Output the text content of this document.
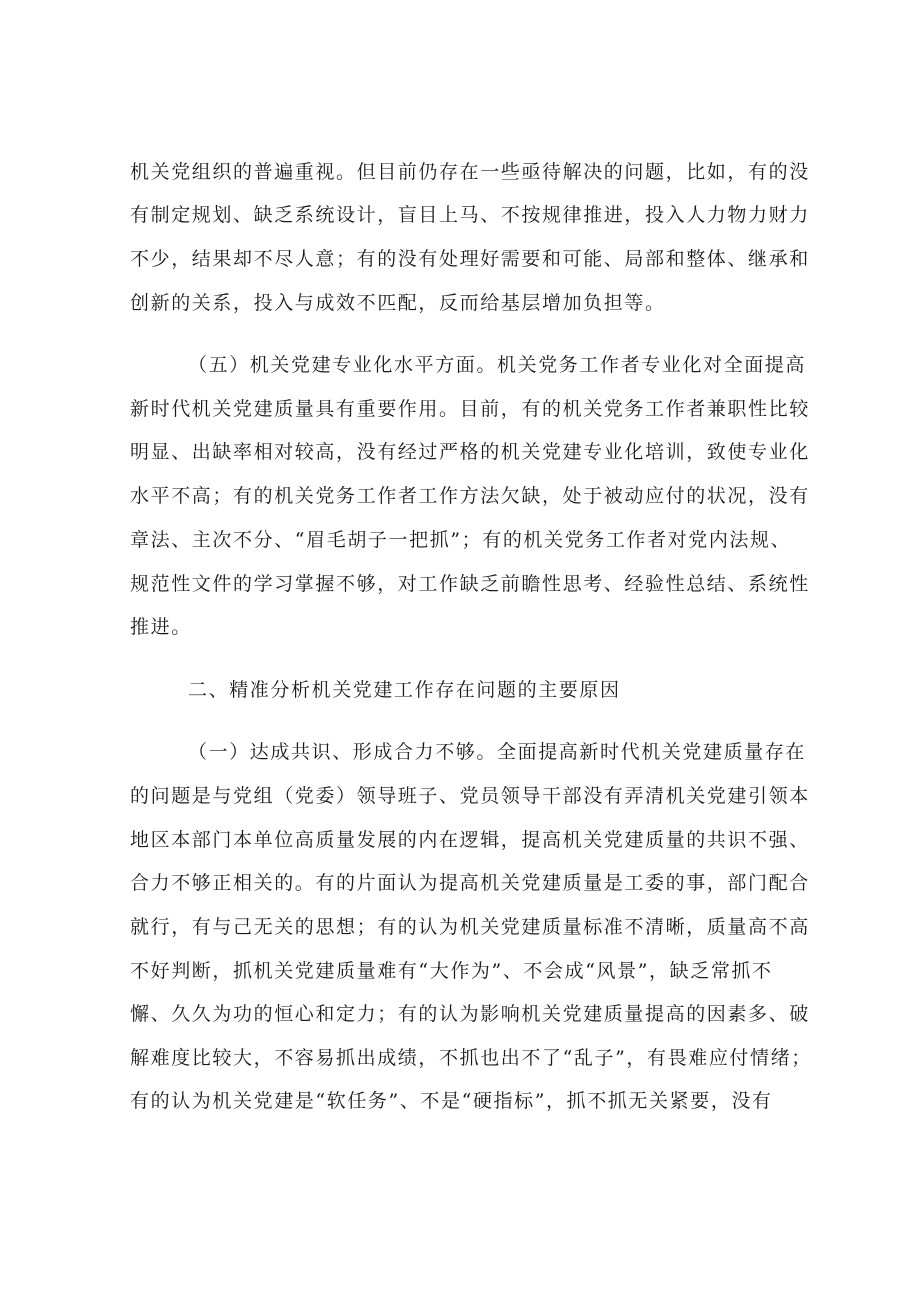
机关党组织的普遍重视。但目前仍存在一些亟待解决的问题，比如，有的没
有制定规划、缺乏系统设计，盲目上马、不按规律推进，投入人力物力财力
不少，结果却不尽人意；有的没有处理好需要和可能、局部和整体、继承和
创新的关系，投入与成效不匹配，反而给基层增加负担等。
（五）机关党建专业化水平方面。机关党务工作者专业化对全面提高
新时代机关党建质量具有重要作用。目前，有的机关党务工作者兼职性比较
明显、出缺率相对较高，没有经过严格的机关党建专业化培训，致使专业化
水平不高；有的机关党务工作者工作方法欠缺，处于被动应付的状况，没有
章法、主次不分、“眉毛胡子一把抓”；有的机关党务工作者对党内法规、
规范性文件的学习掌握不够，对工作缺乏前瞻性思考、经验性总结、系统性
推进。
二、精准分析机关党建工作存在问题的主要原因
（一）达成共识、形成合力不够。全面提高新时代机关党建质量存在
的问题是与党组（党委）领导班子、党员领导干部没有弄清机关党建引领本
地区本部门本单位高质量发展的内在逻辑，提高机关党建质量的共识不强、
合力不够正相关的。有的片面认为提高机关党建质量是工委的事，部门配合
就行，有与己无关的思想；有的认为机关党建质量标准不清晰，质量高不高
不好判断，抓机关党建质量难有“大作为”、不会成“风景”，缺乏常抓不
懈、久久为功的恒心和定力；有的认为影响机关党建质量提高的因素多、破
解难度比较大，不容易抓出成绩，不抓也出不了“乱子”，有畏难应付情绪；
有的认为机关党建是“软任务”、不是“硬指标”，抓不抓无关紧要，没有
